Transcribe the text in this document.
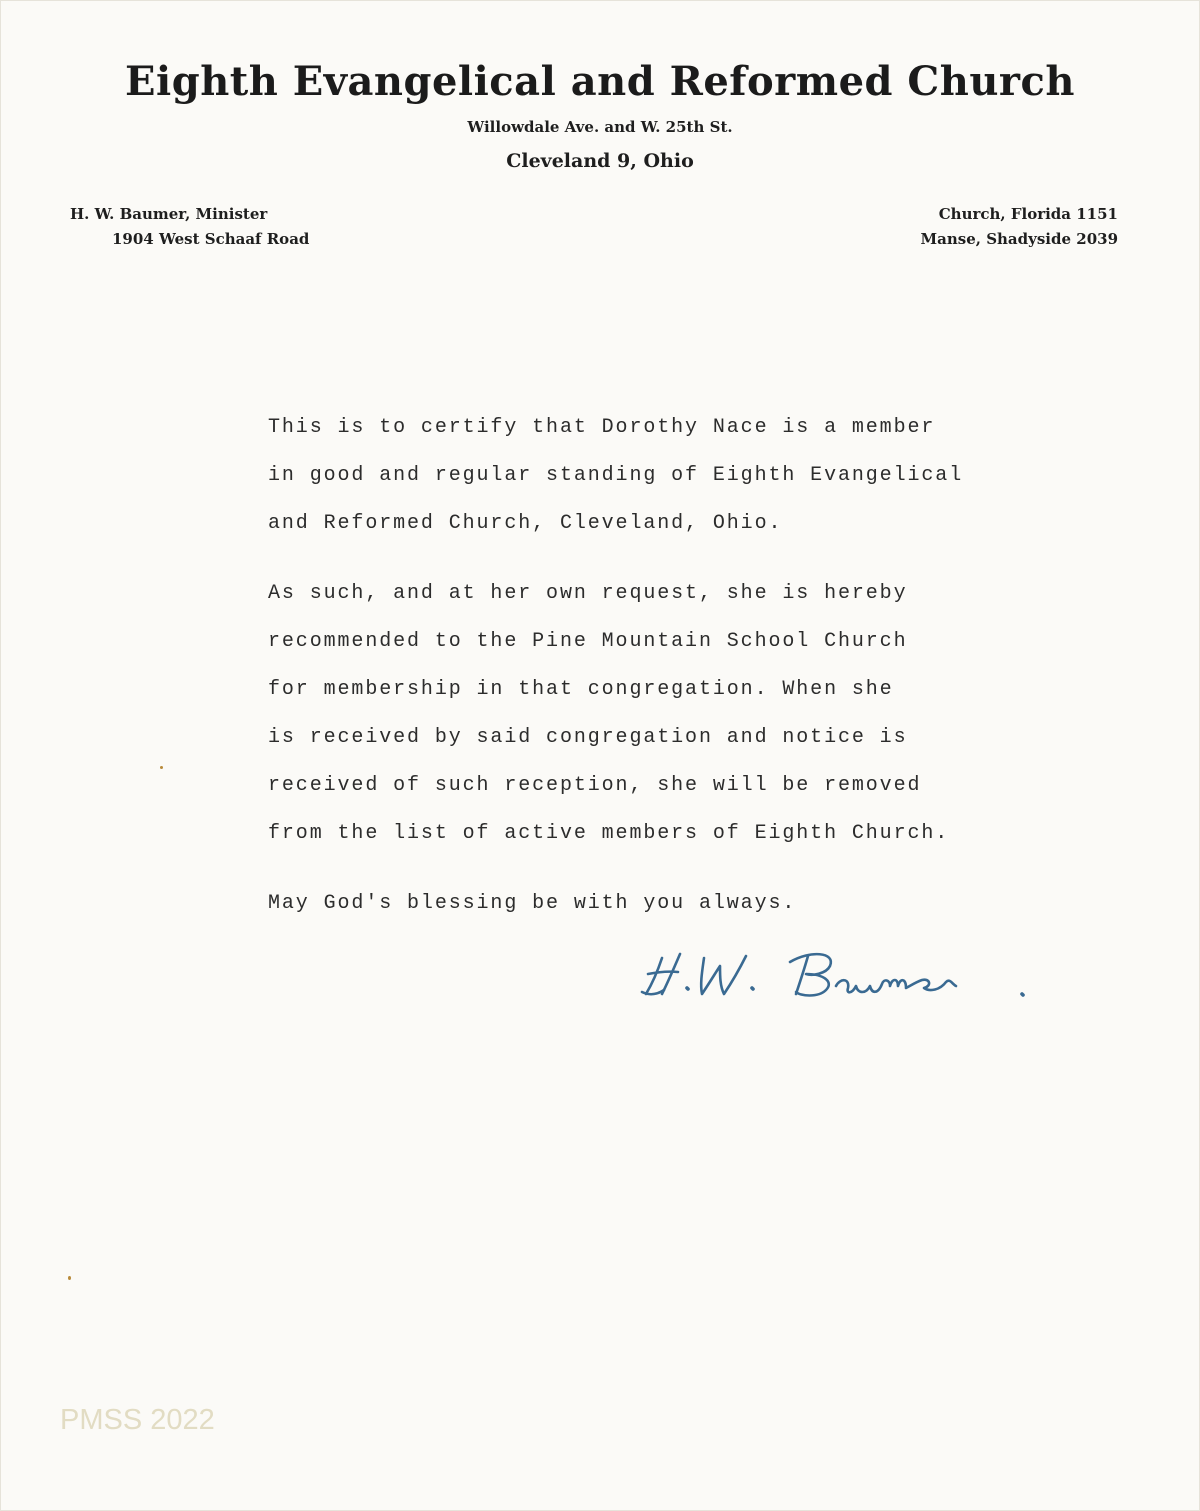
Eighth Evangelical and Reformed Church
Willowdale Ave. and W. 25th St.
Cleveland 9, Ohio
H. W. Baumer, Minister
1904 West Schaaf Road
Church, Florida 1151
Manse, Shadyside 2039

This is to certify that Dorothy Nace is a member
in good and regular standing of Eighth Evangelical
and Reformed Church, Cleveland, Ohio.

As such, and at her own request, she is hereby
recommended to the Pine Mountain School Church
for membership in that congregation. When she
is received by said congregation and notice is
received of such reception, she will be removed
from the list of active members of Eighth Church.

May God's blessing be with you always.

PMSS 2022
